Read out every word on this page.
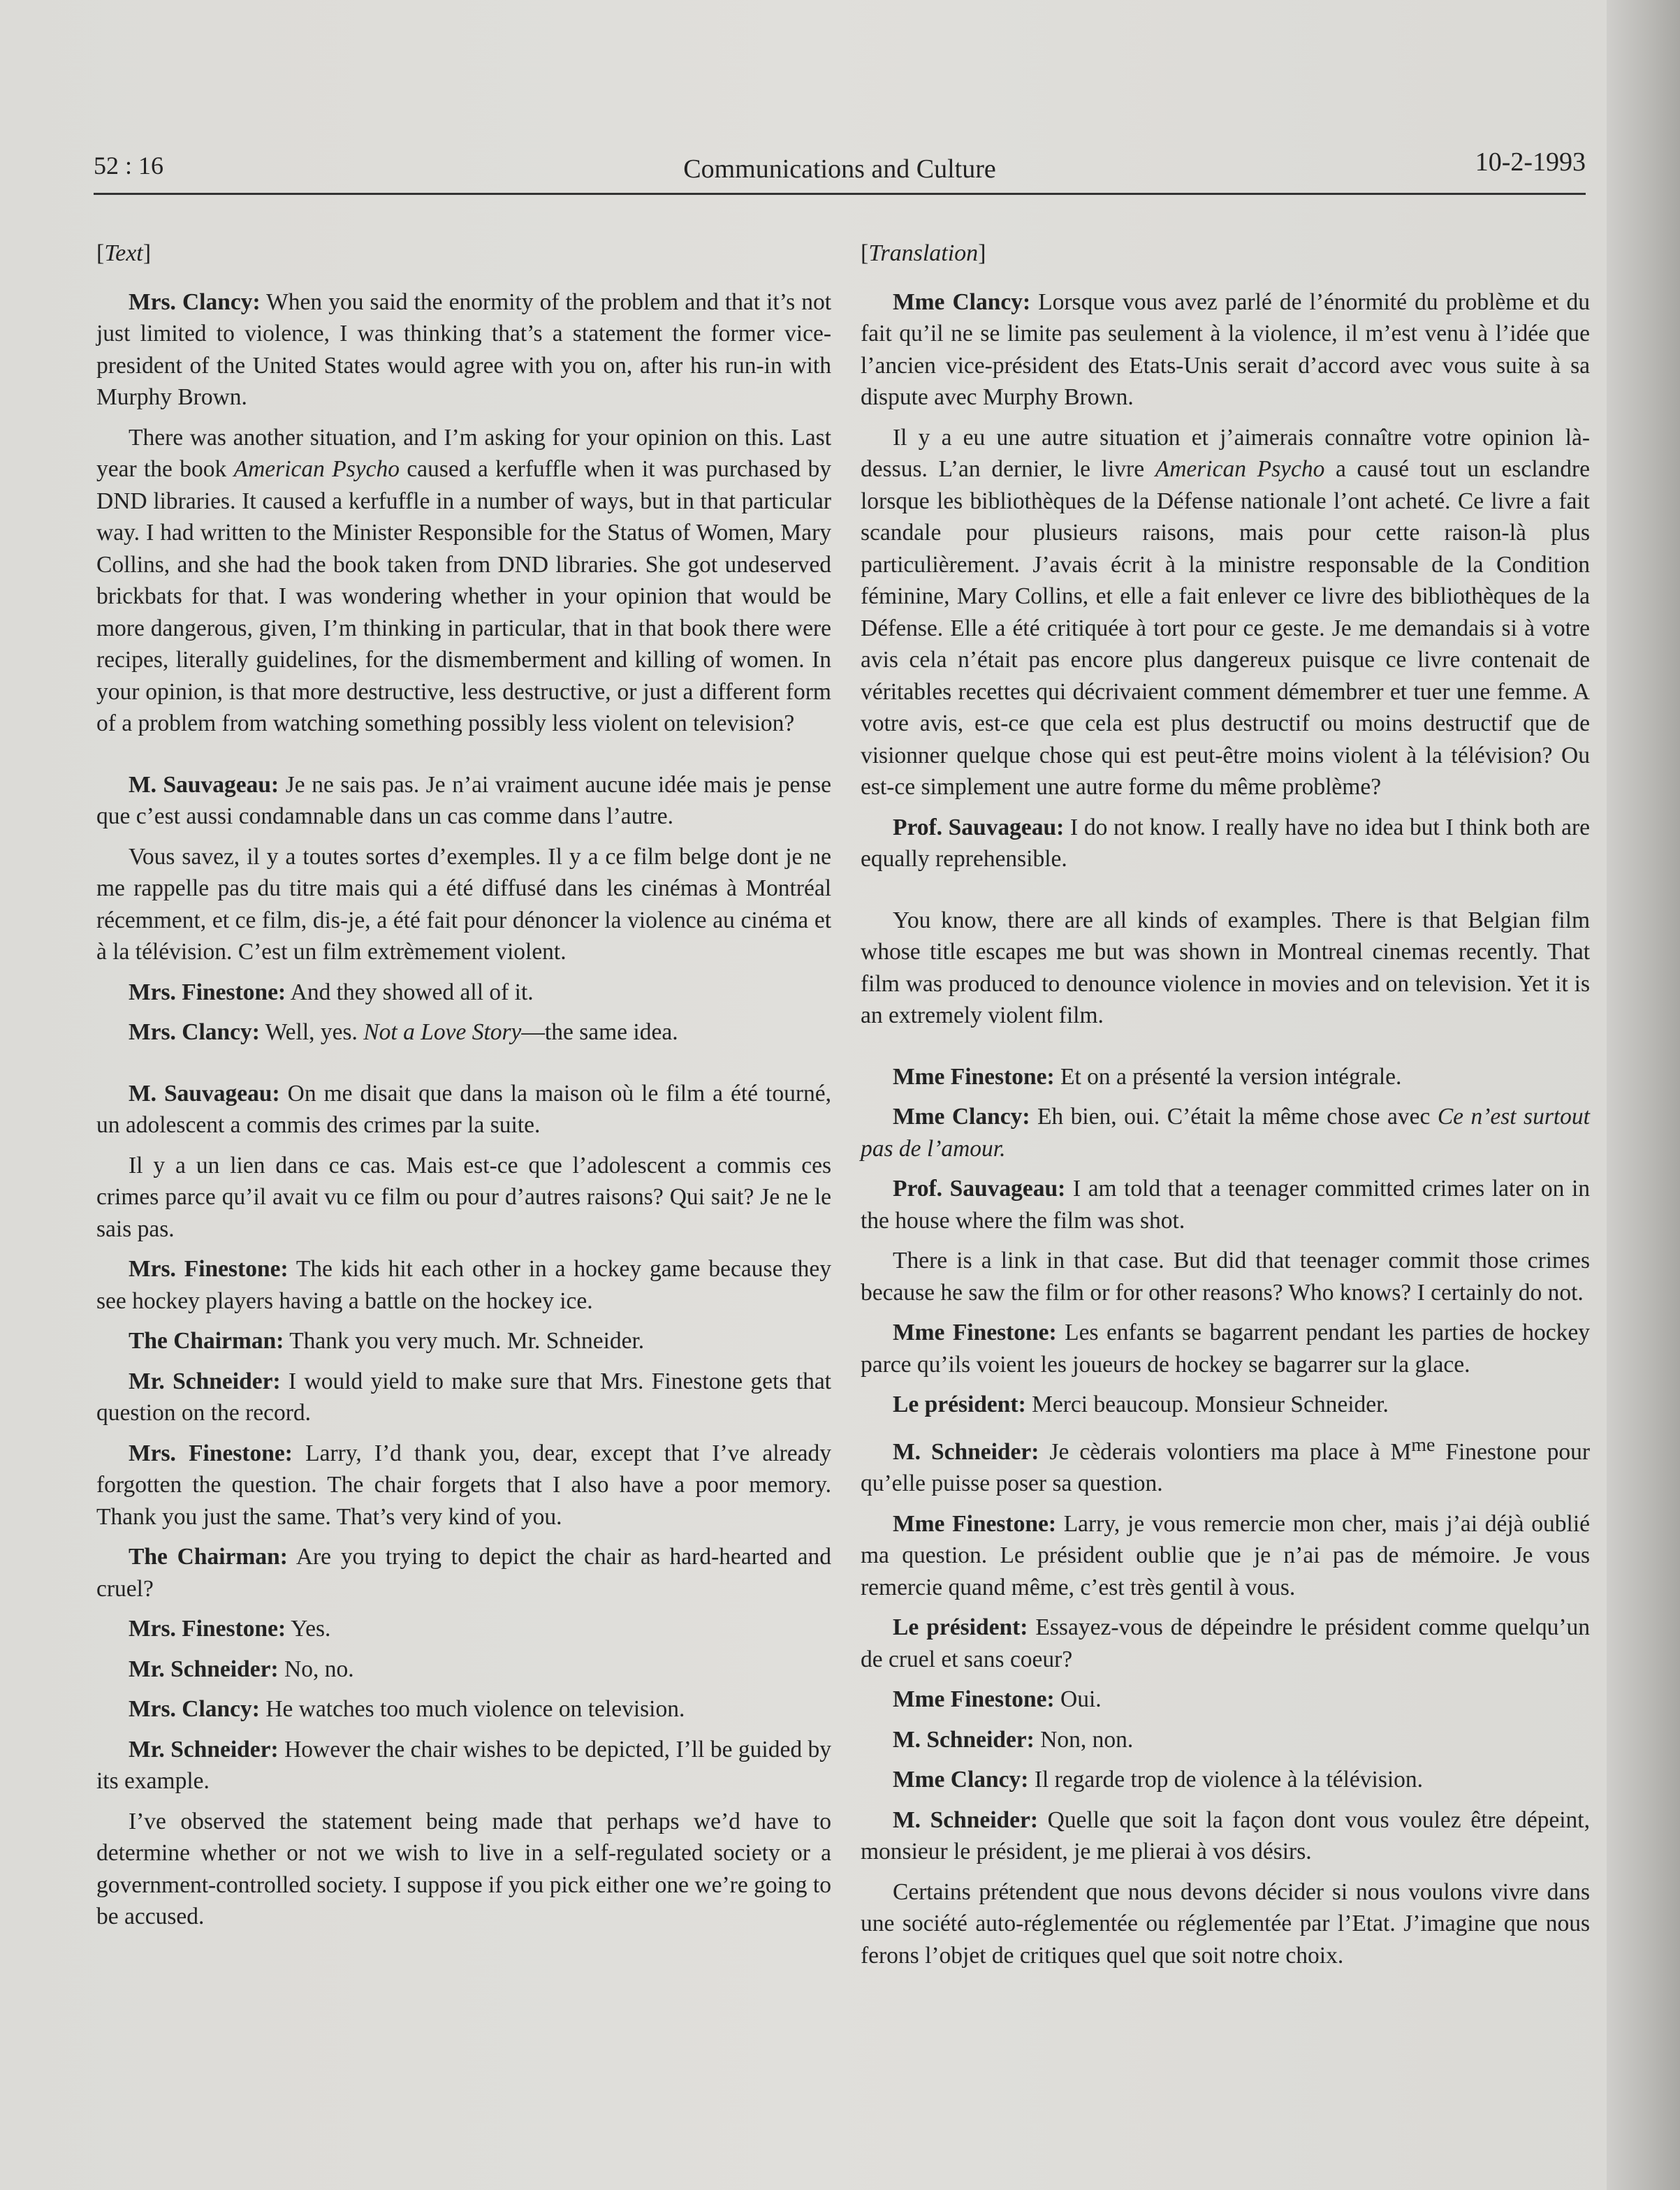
52 : 16	Communications and Culture	10-2-1993
[Text]

Mrs. Clancy: When you said the enormity of the problem and that it’s not just limited to violence, I was thinking that’s a statement the former vice-president of the United States would agree with you on, after his run-in with Murphy Brown.

There was another situation, and I’m asking for your opinion on this. Last year the book American Psycho caused a kerfuffle when it was purchased by DND libraries. It caused a kerfuffle in a number of ways, but in that particular way. I had written to the Minister Responsible for the Status of Women, Mary Collins, and she had the book taken from DND libraries. She got undeserved brickbats for that. I was wondering whether in your opinion that would be more dangerous, given, I’m thinking in particular, that in that book there were recipes, literally guidelines, for the dismemberment and killing of women. In your opinion, is that more destructive, less destructive, or just a different form of a problem from watching something possibly less violent on television?

M. Sauvageau: Je ne sais pas. Je n’ai vraiment aucune idée mais je pense que c’est aussi condamnable dans un cas comme dans l’autre.

Vous savez, il y a toutes sortes d’exemples. Il y a ce film belge dont je ne me rappelle pas du titre mais qui a été diffusé dans les cinémas à Montréal récemment, et ce film, dis-je, a été fait pour dénoncer la violence au cinéma et à la télévision. C’est un film extrèmement violent.

Mrs. Finestone: And they showed all of it.

Mrs. Clancy: Well, yes. Not a Love Story—the same idea.

M. Sauvageau: On me disait que dans la maison où le film a été tourné, un adolescent a commis des crimes par la suite.

Il y a un lien dans ce cas. Mais est-ce que l’adolescent a commis ces crimes parce qu’il avait vu ce film ou pour d’autres raisons? Qui sait? Je ne le sais pas.

Mrs. Finestone: The kids hit each other in a hockey game because they see hockey players having a battle on the hockey ice.

The Chairman: Thank you very much. Mr. Schneider.

Mr. Schneider: I would yield to make sure that Mrs. Finestone gets that question on the record.

Mrs. Finestone: Larry, I’d thank you, dear, except that I’ve already forgotten the question. The chair forgets that I also have a poor memory. Thank you just the same. That’s very kind of you.

The Chairman: Are you trying to depict the chair as hard-hearted and cruel?

Mrs. Finestone: Yes.

Mr. Schneider: No, no.

Mrs. Clancy: He watches too much violence on television.

Mr. Schneider: However the chair wishes to be depicted, I’ll be guided by its example.

I’ve observed the statement being made that perhaps we’d have to determine whether or not we wish to live in a self-regulated society or a government-controlled society. I suppose if you pick either one we’re going to be accused.

[Translation]

Mme Clancy: Lorsque vous avez parlé de l’énormité du problème et du fait qu’il ne se limite pas seulement à la violence, il m’est venu à l’idée que l’ancien vice-président des Etats-Unis serait d’accord avec vous suite à sa dispute avec Murphy Brown.

Il y a eu une autre situation et j’aimerais connaître votre opinion là-dessus. L’an dernier, le livre American Psycho a causé tout un esclandre lorsque les bibliothèques de la Défense nationale l’ont acheté. Ce livre a fait scandale pour plusieurs raisons, mais pour cette raison-là plus particulièrement. J’avais écrit à la ministre responsable de la Condition féminine, Mary Collins, et elle a fait enlever ce livre des bibliothèques de la Défense. Elle a été critiquée à tort pour ce geste. Je me demandais si à votre avis cela n’était pas encore plus dangereux puisque ce livre contenait de véritables recettes qui décrivaient comment démembrer et tuer une femme. A votre avis, est-ce que cela est plus destructif ou moins destructif que de visionner quelque chose qui est peut-être moins violent à la télévision? Ou est-ce simplement une autre forme du même problème?

Prof. Sauvageau: I do not know. I really have no idea but I think both are equally reprehensible.

You know, there are all kinds of examples. There is that Belgian film whose title escapes me but was shown in Montreal cinemas recently. That film was produced to denounce violence in movies and on television. Yet it is an extremely violent film.

Mme Finestone: Et on a présenté la version intégrale.

Mme Clancy: Eh bien, oui. C’était la même chose avec Ce n’est surtout pas de l’amour.

Prof. Sauvageau: I am told that a teenager committed crimes later on in the house where the film was shot.

There is a link in that case. But did that teenager commit those crimes because he saw the film or for other reasons? Who knows? I certainly do not.

Mme Finestone: Les enfants se bagarrent pendant les parties de hockey parce qu’ils voient les joueurs de hockey se bagarrer sur la glace.

Le président: Merci beaucoup. Monsieur Schneider.

M. Schneider: Je cèderais volontiers ma place à $M^{me}$ Finestone pour qu’elle puisse poser sa question.

Mme Finestone: Larry, je vous remercie mon cher, mais j’ai déjà oublié ma question. Le président oublie que je n’ai pas de mémoire. Je vous remercie quand même, c’est très gentil à vous.

Le président: Essayez-vous de dépeindre le président comme quelqu’un de cruel et sans coeur?

Mme Finestone: Oui.

M. Schneider: Non, non.

Mme Clancy: Il regarde trop de violence à la télévision.

M. Schneider: Quelle que soit la façon dont vous voulez être dépeint, monsieur le président, je me plierai à vos désirs.

Certains prétendent que nous devons décider si nous voulons vivre dans une société auto-réglementée ou réglementée par l’Etat. J’imagine que nous ferons l’objet de critiques quel que soit notre choix.
